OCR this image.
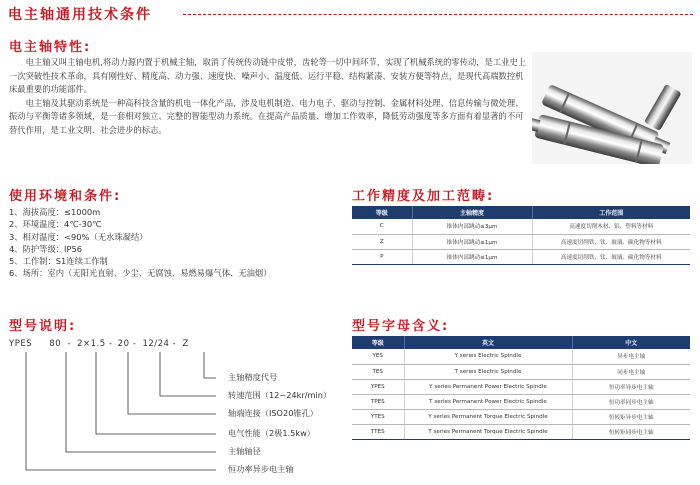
电主轴通用技术条件
电主轴特性:

电主轴又叫主轴电机,将动力源内置于机械主轴，取消了传统传动链中皮带，齿轮等一切中间环节，实现了机械系统的零传动，是工业史上一次突破性技术革命，具有刚性好、精度高、动力强、速度快、噪声小、温度低、运行平稳、结构紧凑、安装方便等特点，是现代高端数控机床最重要的功能部件。

电主轴及其驱动系统是一种高科技含量的机电一体化产品，涉及电机制造、电力电子、驱动与控制、金属材料处理、信息传输与微处理、振动与平衡等诸多领域，是一套相对独立、完整的智能型动力系统。在提高产品质量、增加工作效率，降低劳动强度等多方面有着显著的不可替代作用，是工业文明、社会进步的标志。

使用环境和条件:
1、海拔高度：≤1000m
2、环境温度：4℃-30℃
3、相对温度：<90%（无水珠凝结）
4、防护等级：IP56
5、工作制：S1连续工作制
6、场所：室内（无阳光直射、少尘、无腐蚀、易燃易爆气体、无油烟）
工作精度及加工范畴:
等级	主轴精度	工作范围
C	锥体内部跳动≤3μm	高速度切削木材、铝、塑料等材料
Z	锥体内部跳动≤1μm	高速度切削铁、钛、玻璃、碳化物等材料
P	锥体内部跳动≤1μm	高速度切削铁、钛、玻璃、碳化物等材料
型号说明:
YPES 80 - 2×1.5 - 20 - 12/24 - Z
主轴精度代号
转速范围（12~24kr/min）
轴端连接（ISO20锥孔）
电气性能（2极1.5kw）
主轴轴径
恒功率异步电主轴
型号字母含义:
等级	英文	中文
YES	Y series Electric Spindle	异步电主轴
TES	T series Electric Spindle	同步电主轴
YPES	Y series Permanent Power Electric Spindle	恒功率异步电主轴
TPES	T series Permanent Power Electric Spindle	恒功率同步电主轴
YTES	Y series Permanent Torque Electric Spindle	恒转矩异步电主轴
TTES	T series Permanent Torque Electric Spindle	恒转矩同步电主轴
